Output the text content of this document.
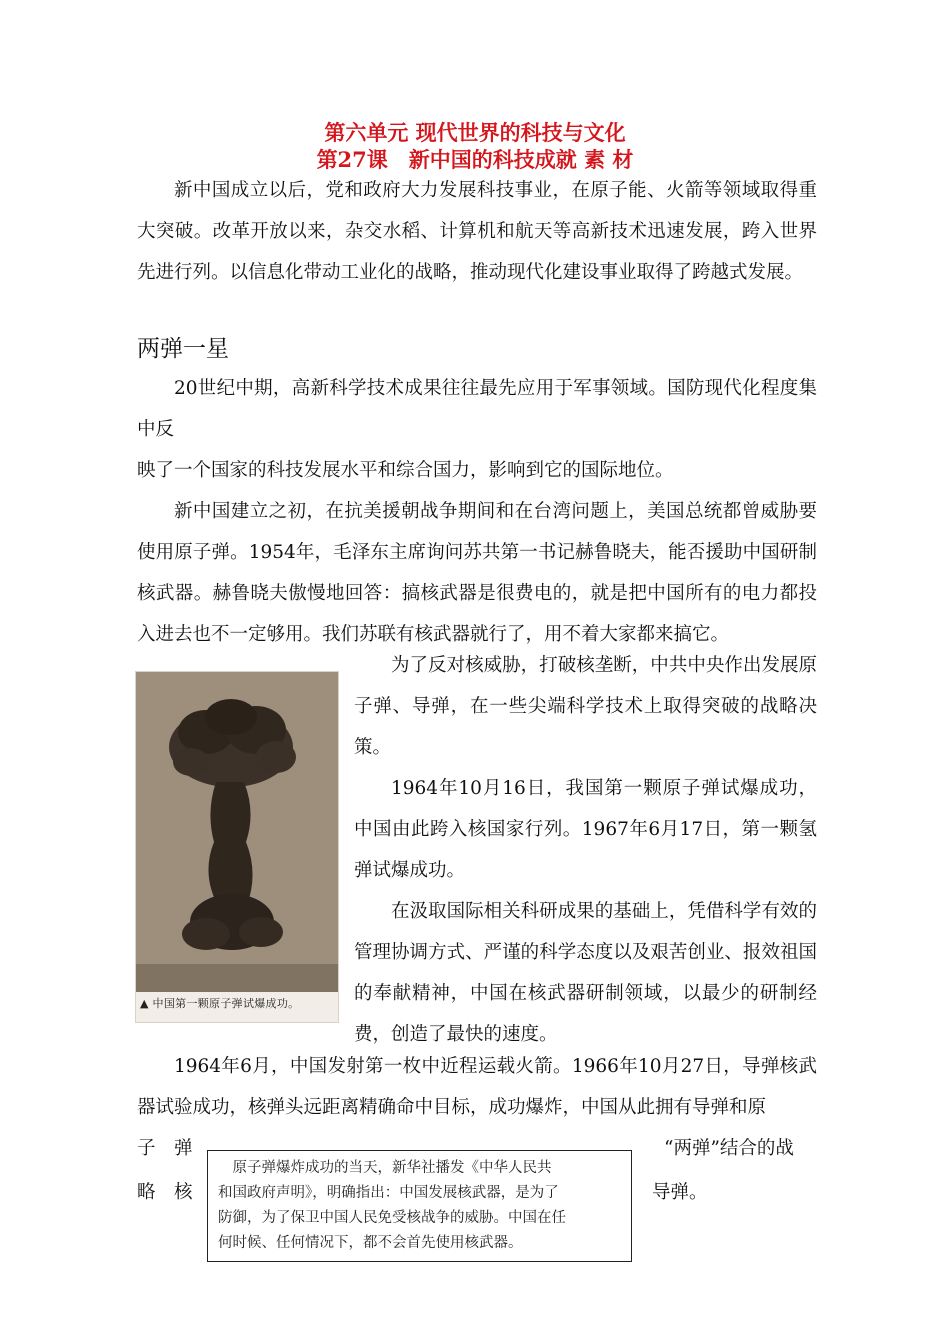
第六单元 现代世界的科技与文化
第27课　新中国的科技成就 素 材

新中国成立以后，党和政府大力发展科技事业，在原子能、火箭等领域取得重大突破。改革开放以来，杂交水稻、计算机和航天等高新技术迅速发展，跨入世界先进行列。以信息化带动工业化的战略，推动现代化建设事业取得了跨越式发展。

两弹一星

20世纪中期，高新科学技术成果往往最先应用于军事领域。国防现代化程度集中反

映了一个国家的科技发展水平和综合国力，影响到它的国际地位。

新中国建立之初，在抗美援朝战争期间和在台湾问题上，美国总统都曾威胁要使用原子弹。1954年，毛泽东主席询问苏共第一书记赫鲁晓夫，能否援助中国研制核武器。赫鲁晓夫傲慢地回答：搞核武器是很费电的，就是把中国所有的电力都投入进去也不一定够用。我们苏联有核武器就行了，用不着大家都来搞它。

▲ 中国第一颗原子弹试爆成功。

为了反对核威胁，打破核垄断，中共中央作出发展原子弹、导弹，在一些尖端科学技术上取得突破的战略决策。

1964年10月16日，我国第一颗原子弹试爆成功，中国由此跨入核国家行列。1967年6月17日，第一颗氢弹试爆成功。

在汲取国际相关科研成果的基础上，凭借科学有效的管理协调方式、严谨的科学态度以及艰苦创业、报效祖国的奉献精神，中国在核武器研制领域，以最少的研制经费，创造了最快的速度。

1964年6月，中国发射第一枚中近程运载火箭。1966年10月27日，导弹核武器试验成功，核弹头远距离精确命中目标，成功爆炸，中国从此拥有导弹和原

子　弹
略　核
“两弹”结合的战
导弹。
　原子弹爆炸成功的当天，新华社播发《中华人民共
和国政府声明》，明确指出：中国发展核武器，是为了
防御，为了保卫中国人民免受核战争的威胁。中国在任
何时候、任何情况下，都不会首先使用核武器。
